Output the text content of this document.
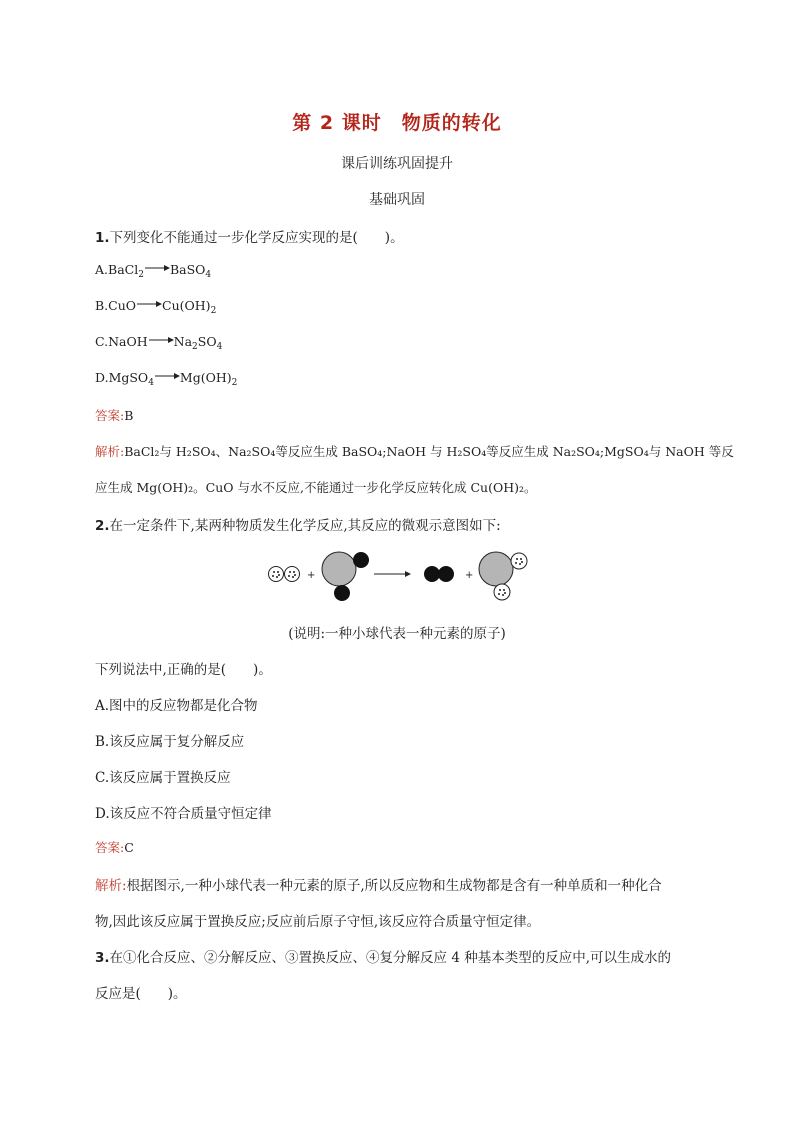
第 2 课时　物质的转化
课后训练巩固提升
基础巩固
1.下列变化不能通过一步化学反应实现的是(　　)。
A.BaCl$_2$ →BaSO$_4$
$B.CuO\to Cu(OH)_2$
$C.NaOH\to Na_2SO_4$
D.MgSO$_4$ $\to Mg(OH)_2$
答案:B
解析:BaCl₂与 H₂SO₄、Na₂SO₄等反应生成 BaSO₄;NaOH 与 H₂SO₄等反应生成 Na₂SO₄;MgSO₄与 NaOH 等反
应生成 Mg(OH)₂。CuO 与水不反应,不能通过一步化学反应转化成 Cu(OH)₂。
2.在一定条件下,某两种物质发生化学反应,其反应的微观示意图如下:
+	+
(说明:一种小球代表一种元素的原子)
下列说法中,正确的是(　　)。
A.图中的反应物都是化合物
B.该反应属于复分解反应
C.该反应属于置换反应
D.该反应不符合质量守恒定律
答案:C
解析:根据图示,一种小球代表一种元素的原子,所以反应物和生成物都是含有一种单质和一种化合
物,因此该反应属于置换反应;反应前后原子守恒,该反应符合质量守恒定律。
3.在①化合反应、②分解反应、③置换反应、④复分解反应 4 种基本类型的反应中,可以生成水的
反应是(　　)。
